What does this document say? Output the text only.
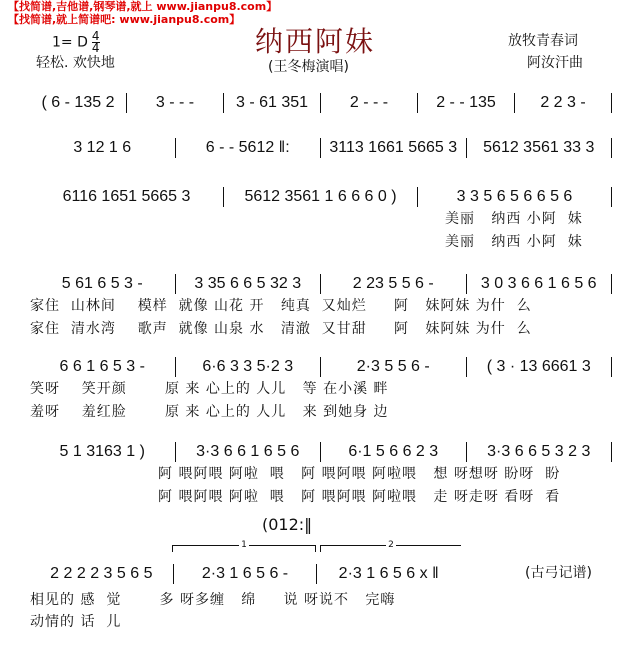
【找简谱,吉他谱,钢琴谱,就上 www.jianpu8.com】
【找简谱,就上简谱吧: www.jianpu8.com】
纳西阿妹
1= D $\frac{4}{4}$
轻松. 欢快地	(王冬梅演唱)
放牧青春词
阿汝汗曲
( 6 - 135 2	3 - - -	3 - 61 351	2 - - -	2 - - 135	2 2 3 -
3 12 1 6	6 - - 5612 ‖:	3113 1661 5665 3	5612 3561 33 3
6116 1651 5665 3	5612 3561 1 6 6 6 0 )	3 3 5 6 5 6 6 5 6
5 61 6 5 3 -	3 35 6 6 5 32 3	2 23 5 5 6 -	3 0 3 6 6 1 6 5 6
6 6 1 6 5 3 -	6·6 3 3 5·2 3	2·3 5 5 6 -	( 3 · 13 6661 3
5 1 3163 1 )	3·3 6 6 1 6 5 6	6·1 5 6 6 2 3	3·3 6 6 5 3 2 3
2 2 2 2 3 5 6 5	2·3 1 6 5 6 -	2·3 1 6 5 6 x ‖
美丽   纳西 小阿  妹
美丽   纳西 小阿  妹
家住  山林间    模样  就像 山花 开   纯真  又灿烂     阿   妹阿妹 为什  么
家住  清水湾    歌声  就像 山泉 水   清澈  又甘甜     阿   妹阿妹 为什  么
笑呀    笑开颜       原 来 心上的 人儿   等 在小溪 畔
羞呀    羞红脸       原 来 心上的 人儿   来 到她身 边
阿 喂阿喂 阿啦  喂   阿 喂阿喂 阿啦喂   想 呀想呀 盼呀  盼
阿 喂阿喂 阿啦  喂   阿 喂阿喂 阿啦喂   走 呀走呀 看呀  看
相见的 感  觉       多 呀多缠   绵     说 呀说不   完嗨
动情的 话  儿
(012:‖
1	2
(古弓记谱)
